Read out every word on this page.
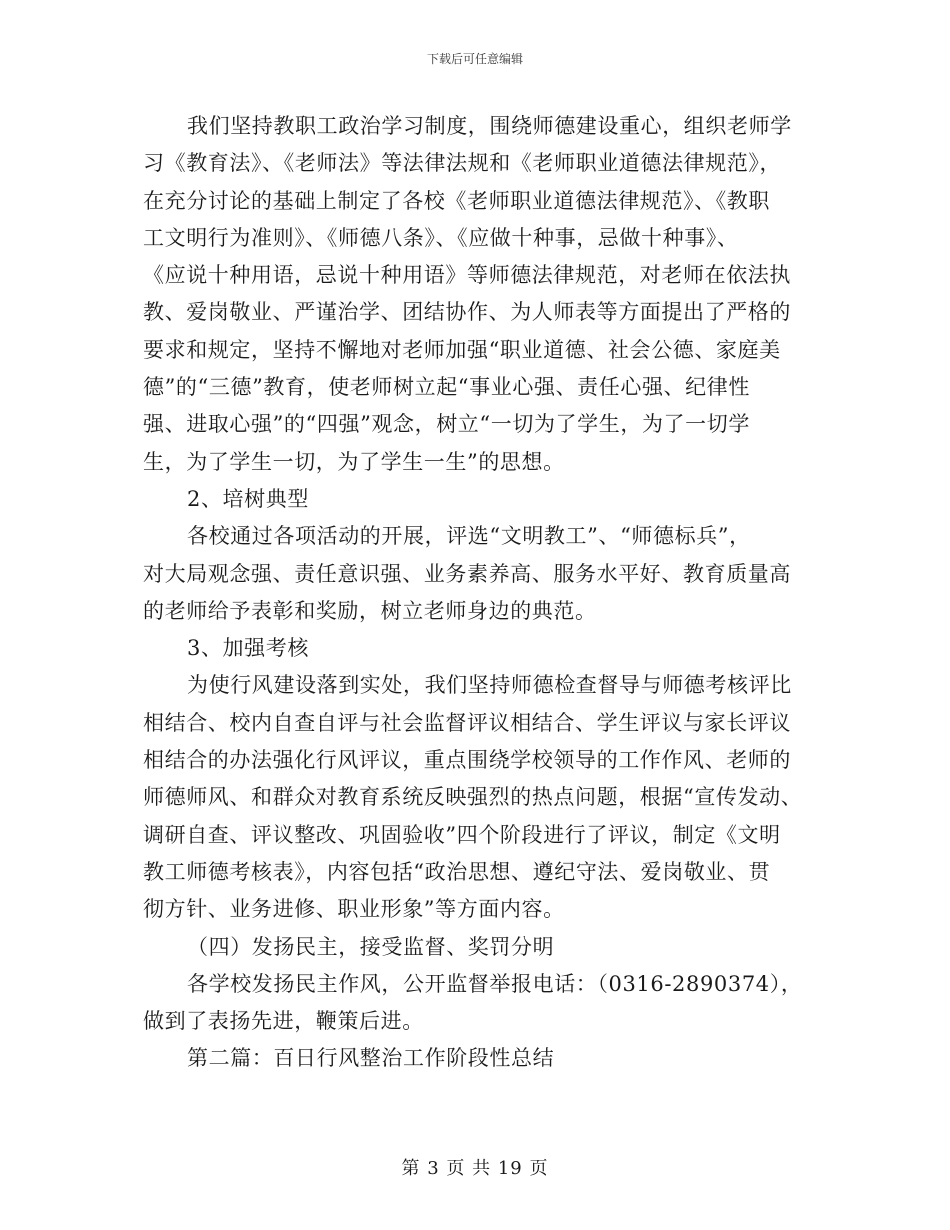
下载后可任意编辑
我们坚持教职工政治学习制度，围绕师德建设重心，组织老师学
习《教育法》、《老师法》等法律法规和《老师职业道德法律规范》，
在充分讨论的基础上制定了各校《老师职业道德法律规范》、《教职
工文明行为准则》、《师德八条》、《应做十种事，忌做十种事》、
《应说十种用语，忌说十种用语》等师德法律规范，对老师在依法执
教、爱岗敬业、严谨治学、团结协作、为人师表等方面提出了严格的
要求和规定，坚持不懈地对老师加强“职业道德、社会公德、家庭美
德”的“三德”教育，使老师树立起“事业心强、责任心强、纪律性
强、进取心强”的“四强”观念，树立“一切为了学生，为了一切学
生，为了学生一切，为了学生一生”的思想。
2、培树典型
各校通过各项活动的开展，评选“文明教工”、“师德标兵”，
对大局观念强、责任意识强、业务素养高、服务水平好、教育质量高
的老师给予表彰和奖励，树立老师身边的典范。
3、加强考核
为使行风建设落到实处，我们坚持师德检查督导与师德考核评比
相结合、校内自查自评与社会监督评议相结合、学生评议与家长评议
相结合的办法强化行风评议，重点围绕学校领导的工作作风、老师的
师德师风、和群众对教育系统反映强烈的热点问题，根据“宣传发动、
调研自查、评议整改、巩固验收”四个阶段进行了评议，制定《文明
教工师德考核表》，内容包括“政治思想、遵纪守法、爱岗敬业、贯
彻方针、业务进修、职业形象”等方面内容。
（四）发扬民主，接受监督、奖罚分明
各学校发扬民主作风，公开监督举报电话：（0316-2890374），
做到了表扬先进，鞭策后进。
第二篇：百日行风整治工作阶段性总结
第 3 页 共 19 页
